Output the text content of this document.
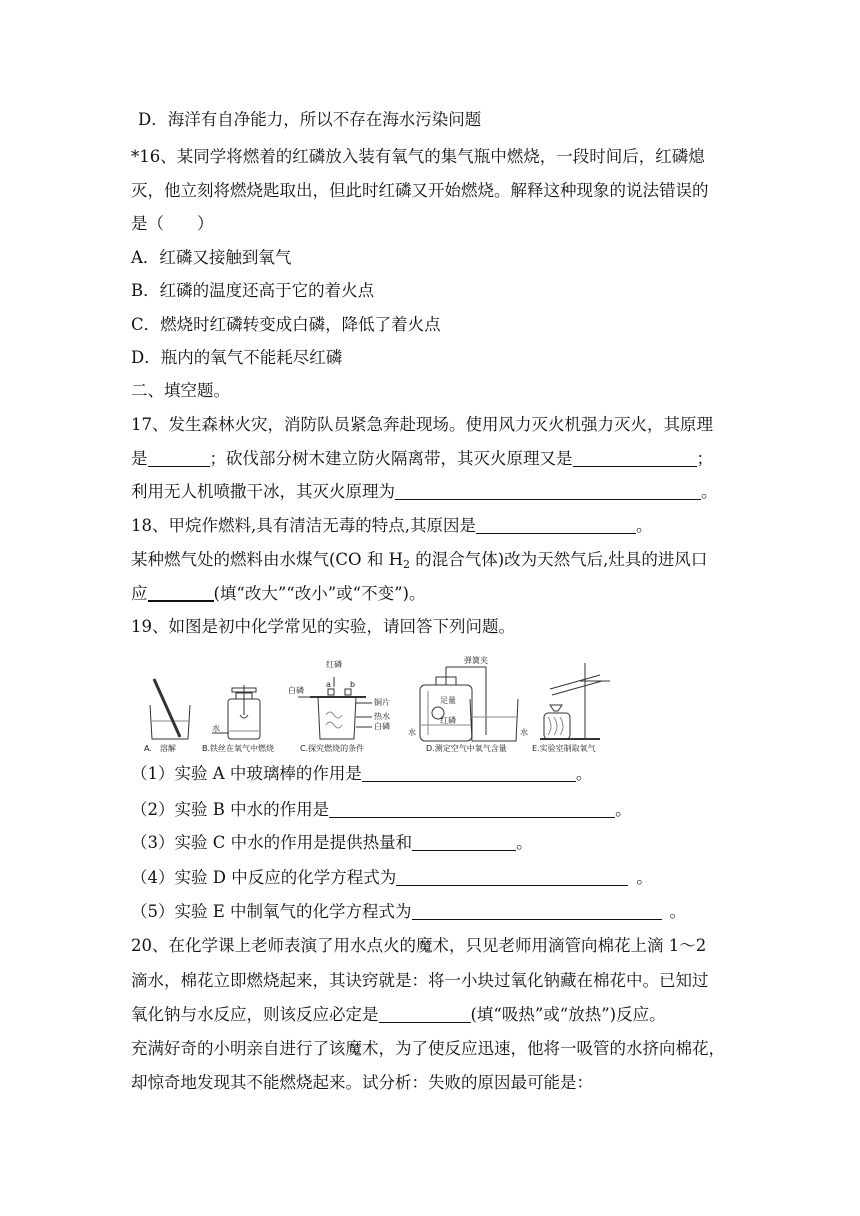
D．海洋有自净能力，所以不存在海水污染问题
*16、某同学将燃着的红磷放入装有氧气的集气瓶中燃烧，一段时间后，红磷熄
灭，他立刻将燃烧匙取出，但此时红磷又开始燃烧。解释这种现象的说法错误的
是（　　）
A．红磷又接触到氧气
B．红磷的温度还高于它的着火点
C．燃烧时红磷转变成白磷，降低了着火点
D．瓶内的氧气不能耗尽红磷
二、填空题。
17、发生森林火灾，消防队员紧急奔赴现场。使用风力灭火机强力灭火，其原理
是	；砍伐部分树木建立防火隔离带，其灭火原理又是	；
利用无人机喷撒干冰，其灭火原理为	。
18、甲烷作燃料,具有清洁无毒的特点,其原因是	。
某种燃气处的燃料由水煤气(CO 和 $H_2$ 的混合气体)改为天然气后,灶具的进风口
应	(填“改大”“改小”或“不变”)。
19、如图是初中化学常见的实验，请回答下列问题。
弹簧夹
红磷
白磷
a b
铜片
热水
白磷
水
足量
红磷
水	水
A.　溶解	B.铁丝在氧气中燃烧	C.探究燃烧的条件	D.测定空气中氧气含量	E.实验室制取氧气
（1）实验 A 中玻璃棒的作用是	。
（2）实验 B 中水的作用是	。
（3）实验 C 中水的作用是提供热量和	。
（4）实验 D 中反应的化学方程式为	。
（5）实验 E 中制氧气的化学方程式为	。
20、在化学课上老师表演了用水点火的魔术，只见老师用滴管向棉花上滴 1～2
滴水，棉花立即燃烧起来，其诀窍就是：将一小块过氧化钠藏在棉花中。已知过
氧化钠与水反应，则该反应必定是	(填“吸热”或“放热”)反应。
充满好奇的小明亲自进行了该魔术，为了使反应迅速，他将一吸管的水挤向棉花，
却惊奇地发现其不能燃烧起来。试分析：失败的原因最可能是：
